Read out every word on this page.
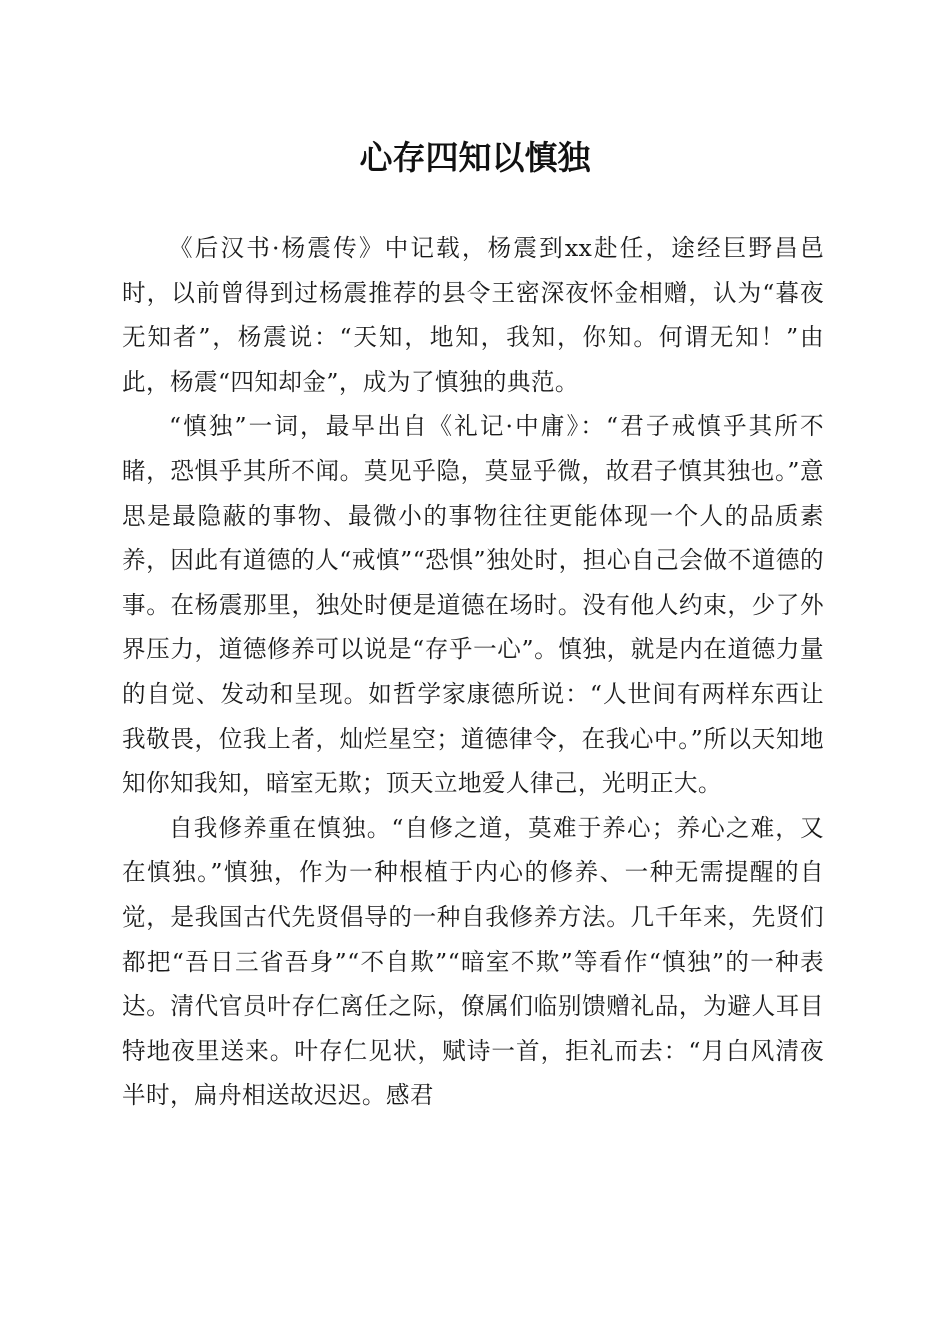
心存四知以慎独

《后汉书·杨震传》中记载，杨震到xx赴任，途经巨野昌邑时，以前曾得到过杨震推荐的县令王密深夜怀金相赠，认为“暮夜无知者”，杨震说：“天知，地知，我知，你知。何谓无知！”由此，杨震“四知却金”，成为了慎独的典范。

“慎独”一词，最早出自《礼记·中庸》：“君子戒慎乎其所不睹，恐惧乎其所不闻。莫见乎隐，莫显乎微，故君子慎其独也。”意思是最隐蔽的事物、最微小的事物往往更能体现一个人的品质素养，因此有道德的人“戒慎”“恐惧”独处时，担心自己会做不道德的事。在杨震那里，独处时便是道德在场时。没有他人约束，少了外界压力，道德修养可以说是“存乎一心”。慎独，就是内在道德力量的自觉、发动和呈现。如哲学家康德所说：“人世间有两样东西让我敬畏，位我上者，灿烂星空；道德律令，在我心中。”所以天知地知你知我知，暗室无欺；顶天立地爱人律己，光明正大。

自我修养重在慎独。“自修之道，莫难于养心；养心之难，又在慎独。”慎独，作为一种根植于内心的修养、一种无需提醒的自觉，是我国古代先贤倡导的一种自我修养方法。几千年来，先贤们都把“吾日三省吾身”“不自欺”“暗室不欺”等看作“慎独”的一种表达。清代官员叶存仁离任之际，僚属们临别馈赠礼品，为避人耳目特地夜里送来。叶存仁见状，赋诗一首，拒礼而去：“月白风清夜半时，扁舟相送故迟迟。感君
